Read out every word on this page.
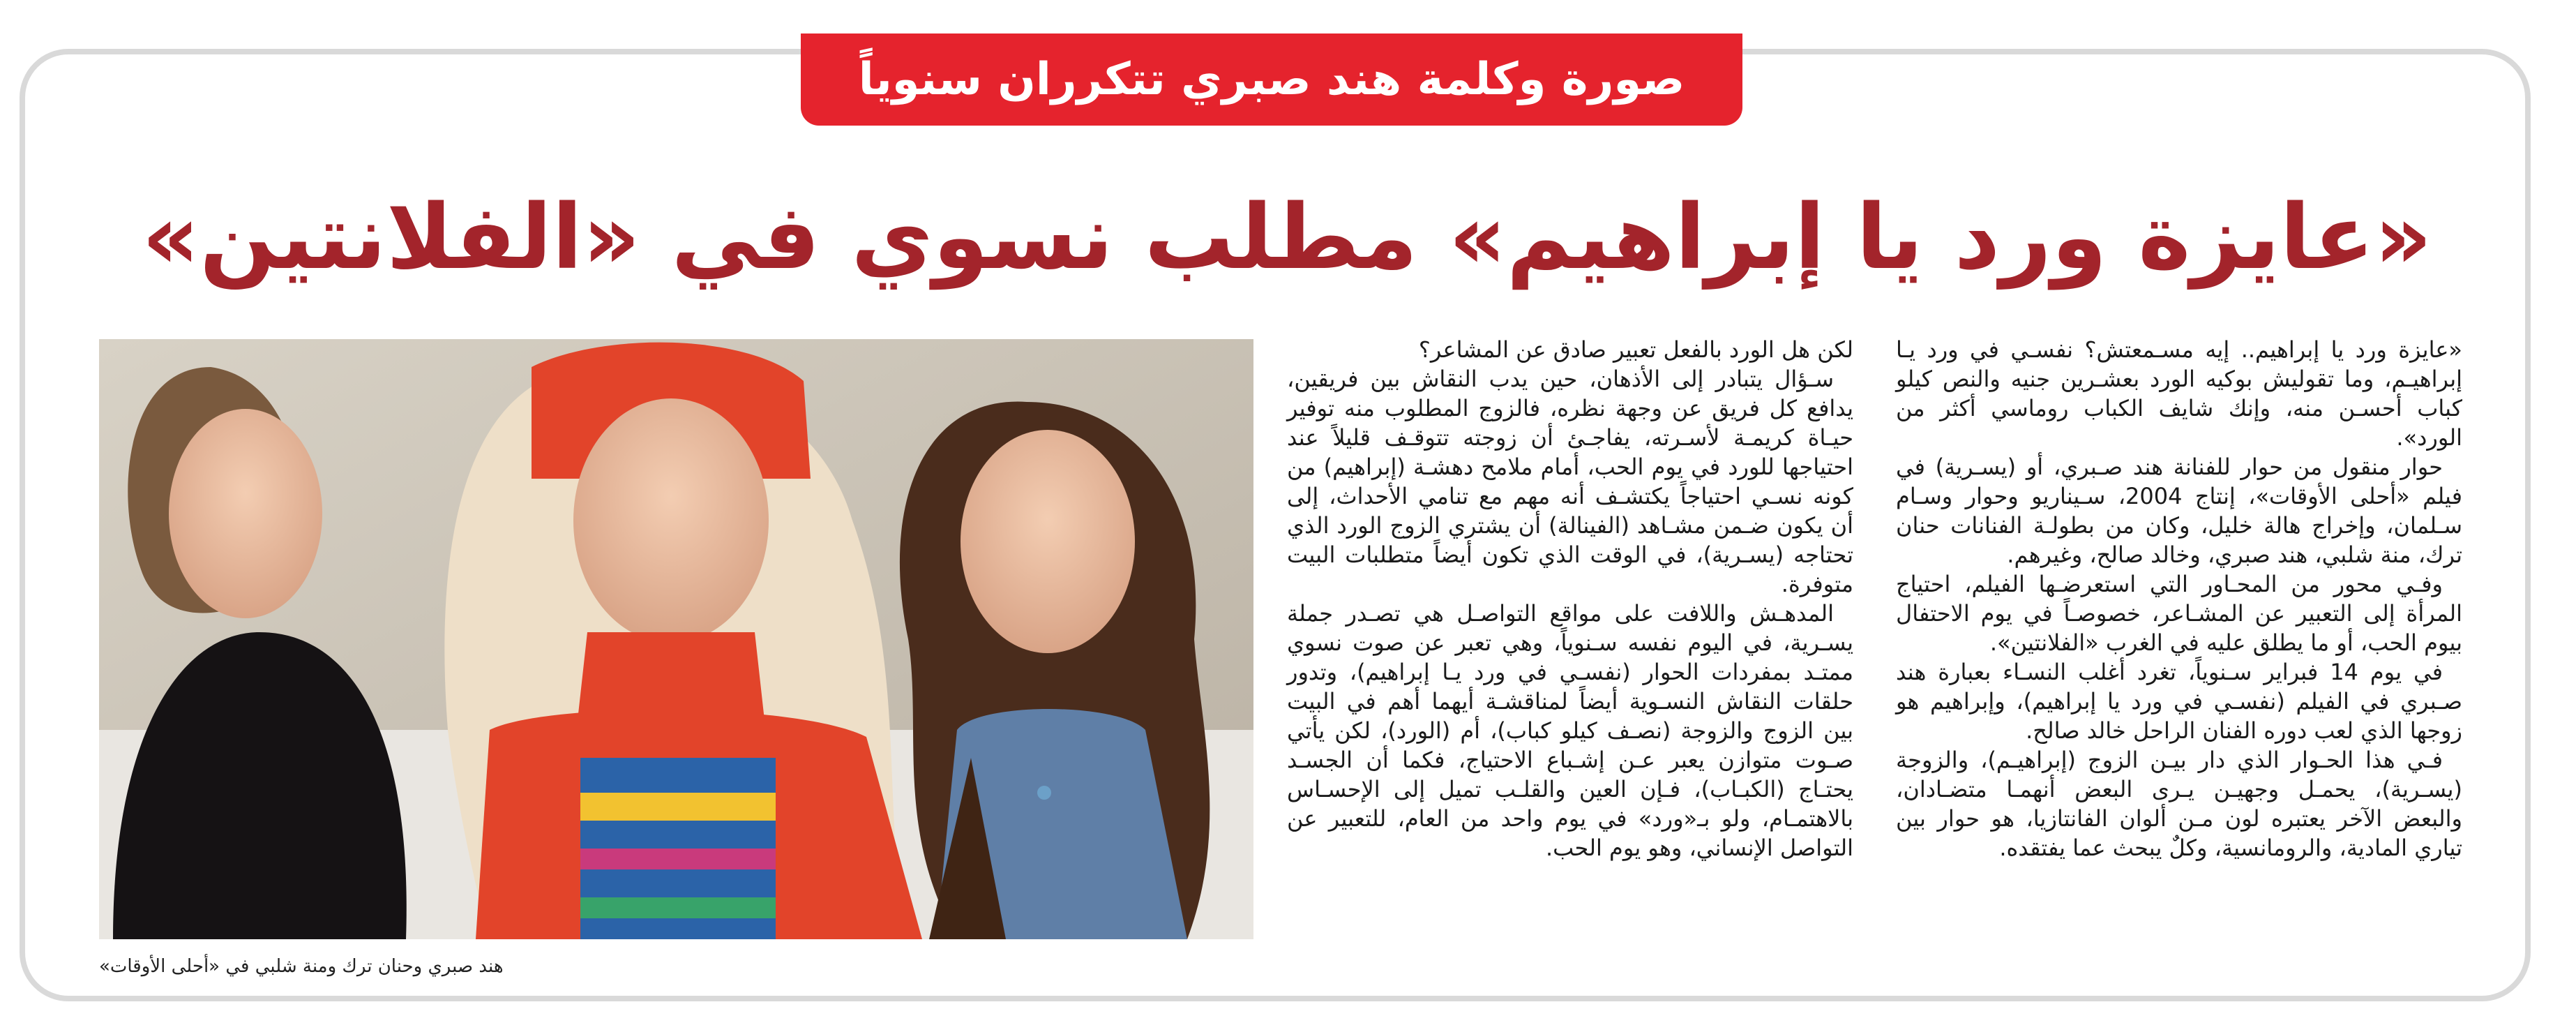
صورة وكلمة هند صبري تتكرران سنوياً
«عايزة ورد يا إبراهيم» مطلب نسوي في «الفلانتين»

«عايزة ورد يا إبراهيم.. إيه مسـمعتش؟ نفسـي في ورد يـا إبراهيـم، وما تقوليش بوكيه الورد بعشـرين جنيه والنص كيلو كباب أحسـن منه، وإنك شايف الكباب روماسي أكثر من الورد».

حوار منقول من حوار للفنانة هند صـبري، أو (يسـرية) في فيلم «أحلى الأوقات»، إنتاج 2004، سـيناريو وحوار وسـام سـلمان، وإخراج هالة خليل، وكان من بطولـة الفنانات حنان ترك، منة شلبي، هند صبري، وخالد صالح، وغيرهم.

وفـي محور من المحـاور التي استعرضـها الفيلم، احتياج المرأة إلى التعبير عن المشـاعر، خصوصـاً في يوم الاحتفال بيوم الحب، أو ما يطلق عليه في الغرب «الفلانتين».

في يوم 14 فبراير سـنوياً، تغرد أغلب النسـاء بعبارة هند صـبري في الفيلم (نفسـي في ورد يا إبراهيم)، وإبراهيم هو زوجها الذي لعب دوره الفنان الراحل خالد صالح.

فـي هذا الحـوار الذي دار بيـن الزوج (إبراهيـم)، والزوجة (يسـرية)، يحمـل وجهيـن يـرى البعض أنهمـا متضـادان، والبعض الآخر يعتبره لون مـن ألوان الفانتازيا، هو حوار بين تياري المادية، والرومانسية، وكلٌ يبحث عما يفتقده.

لكن هل الورد بالفعل تعبير صادق عن المشاعر؟

سـؤال يتبادر إلى الأذهان، حين يدب النقاش بين فريقين، يدافع كل فريق عن وجهة نظره، فالزوج المطلوب منه توفير حيـاة كريمـة لأسـرته، يفاجـئ أن زوجته تتوقـف قليلاً عند احتياجها للورد في يوم الحب، أمام ملامح دهشـة (إبراهيم) من كونه نسـي احتياجاً يكتشـف أنه مهم مع تنامي الأحداث، إلى أن يكون ضـمن مشـاهد (الفينالة) أن يشتري الزوج الورد الذي تحتاجه (يسـرية)، في الوقت الذي تكون أيضاً متطلبات البيت متوفرة.

المدهـش واللافت على مواقع التواصـل هي تصـدر جملة يسـرية، في اليوم نفسه سـنوياً، وهي تعبر عن صوت نسوي ممتـد بمفردات الحوار (نفسـي في ورد يـا إبراهيم)، وتدور حلقات النقاش النسـوية أيضاً لمناقشـة أيهما أهم في البيت بين الزوج والزوجة (نصـف كيلو كباب)، أم (الورد)، لكن يأتي صـوت متوازن يعبر عـن إشـباع الاحتياج، فكما أن الجسـد يحتـاج (الكبـاب)، فـإن العين والقلـب تميل إلى الإحسـاس بالاهتمـام، ولو بـ«ورد» في يوم واحد من العام، للتعبير عن التواصل الإنساني، وهو يوم الحب.

هند صبري وحنان ترك ومنة شلبي في «أحلى الأوقات»
